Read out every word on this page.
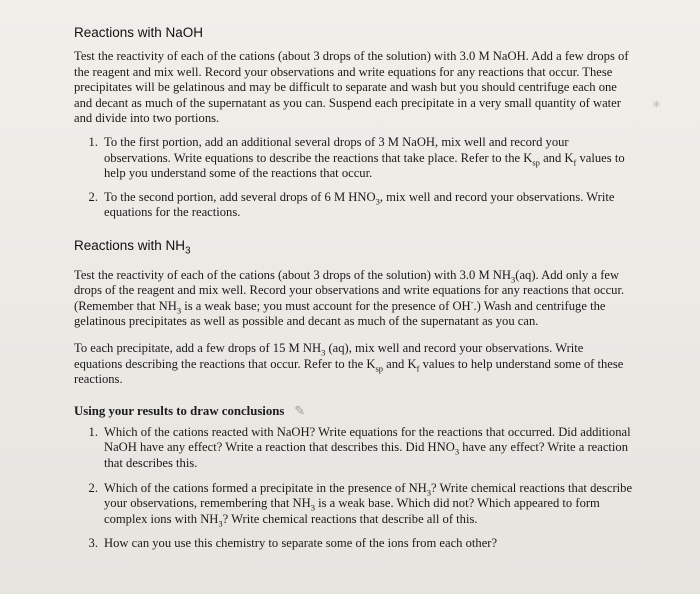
Reactions with NaOH

Test the reactivity of each of the cations (about 3 drops of the solution) with 3.0 M NaOH. Add a few drops of the reagent and mix well. Record your observations and write equations for any reactions that occur. These precipitates will be gelatinous and may be difficult to separate and wash but you should centrifuge each one and decant as much of the supernatant as you can. Suspend each precipitate in a very small quantity of water and divide into two portions.

1. To the first portion, add an additional several drops of 3 M NaOH, mix well and record your observations. Write equations to describe the reactions that take place. Refer to the $K_{sp}$ and $K_f$ values to help you understand some of the reactions that occur.
2. To the second portion, add several drops of 6 M $HNO_3$, mix well and record your observations. Write equations for the reactions.
Reactions with $NH_3$

Test the reactivity of each of the cations (about 3 drops of the solution) with 3.0 M $NH_3(aq)$. Add only a few drops of the reagent and mix well. Record your observations and write equations for any reactions that occur. (Remember that $NH_3$ is a weak base; you must account for the presence of OH-.) Wash and centrifuge the gelatinous precipitates as well as possible and decant as much of the supernatant as you can.

To each precipitate, add a few drops of 15 M $NH_3$ (aq), mix well and record your observations. Write equations describing the reactions that occur. Refer to the $K_{sp}$ and $K_f$ values to help understand some of these reactions.

Using your results to draw conclusions ✎
1. Which of the cations reacted with NaOH? Write equations for the reactions that occurred. Did additional NaOH have any effect? Write a reaction that describes this. Did $HNO_3$ have any effect? Write a reaction that describes this.
2. Which of the cations formed a precipitate in the presence of $NH_3$? Write chemical reactions that describe your observations, remembering that $NH_3$ is a weak base. Which did not? Which appeared to form complex ions with $NH_3$? Write chemical reactions that describe all of this.
3. How can you use this chemistry to separate some of the ions from each other?
✳
